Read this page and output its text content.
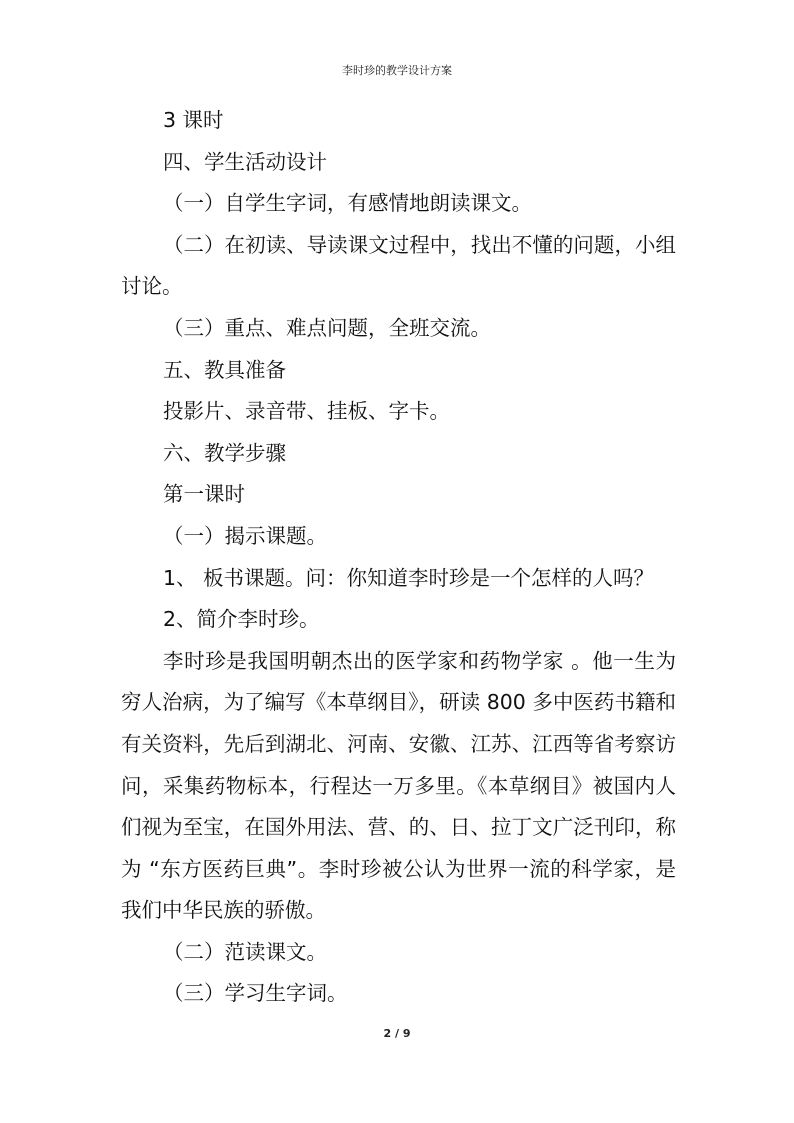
李时珍的教学设计方案

3 课时

四、学生活动设计

（一）自学生字词，有感情地朗读课文。

（二）在初读、导读课文过程中，找出不懂的问题，小组讨论。

（三）重点、难点问题，全班交流。

五、教具准备

投影片、录音带、挂板、字卡。

六、教学步骤

第一课时

（一）揭示课题。

1、 板书课题。问：你知道李时珍是一个怎样的人吗？

2、简介李时珍。

李时珍是我国明朝杰出的医学家和药物学家 。他一生为穷人治病，为了编写《本草纲目》，研读 800 多中医药书籍和有关资料，先后到湖北、河南、安徽、江苏、江西等省考察访问，采集药物标本，行程达一万多里。《本草纲目》被国内人们视为至宝，在国外用法、营、的、日、拉丁文广泛刊印，称为 “东方医药巨典”。李时珍被公认为世界一流的科学家，是我们中华民族的骄傲。

（二）范读课文。

（三）学习生字词。

2 / 9
